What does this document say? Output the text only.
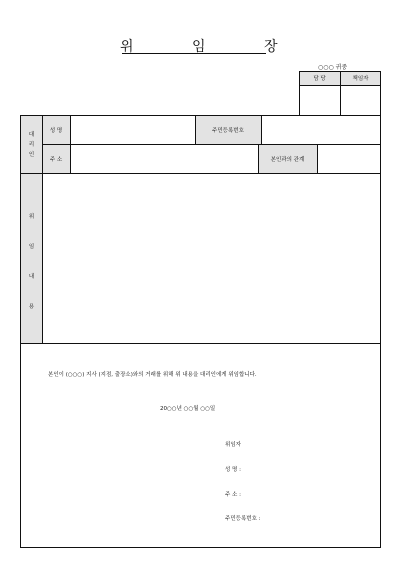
위 임 장
○○○ 귀중
담 당	책임자
대
리
인
성 명	주민등록번호
주 소	본인과의 관계
위
임
내
용
본인이 (○○○) 지사 (지점, 출장소)와의 거래를 위해 위 내용을 대리인에게 위임합니다.
20○○년 ○○월 ○○일
위임자
성 명 :
주 소 :
주민등록번호 :
